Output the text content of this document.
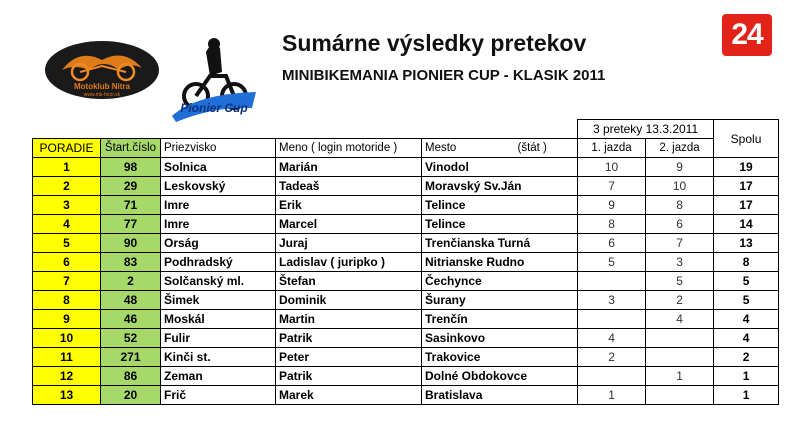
Motoklub Nitra
www.mk-forzr.sk
Pionier Cup
24
Sumárne výsledky pretekov
MINIBIKEMANIA PIONIER CUP - KLASIK 2011
						3 preteky 13.3.2011		Spolu
PORADIE	Štart.číslo	Priezvisko	Meno ( login motoride )	Mesto	(štát )	1. jazda	2. jazda	
1	98	Solnica	Marián	Vinodol		10	9	19
2	29	Leskovský	Tadeaš	Moravský Sv.Ján		7	10	17
3	71	Imre	Erik	Telince		9	8	17
4	77	Imre	Marcel	Telince		8	6	14
5	90	Orság	Juraj	Trenčianska Turná		6	7	13
6	83	Podhradský	Ladislav ( juripko )	Nitrianske Rudno		5	3	8
7	2	Solčanský ml.	Štefan	Čechynce			5	5
8	48	Šimek	Dominik	Šurany		3	2	5
9	46	Moskál	Martin	Trenčín			4	4
10	52	Fulir	Patrik	Sasinkovo		4		4
11	271	Kinči st.	Peter	Trakovice		2		2
12	86	Zeman	Patrik	Dolné Obdokovce			1	1
13	20	Frič	Marek	Bratislava		1		1
